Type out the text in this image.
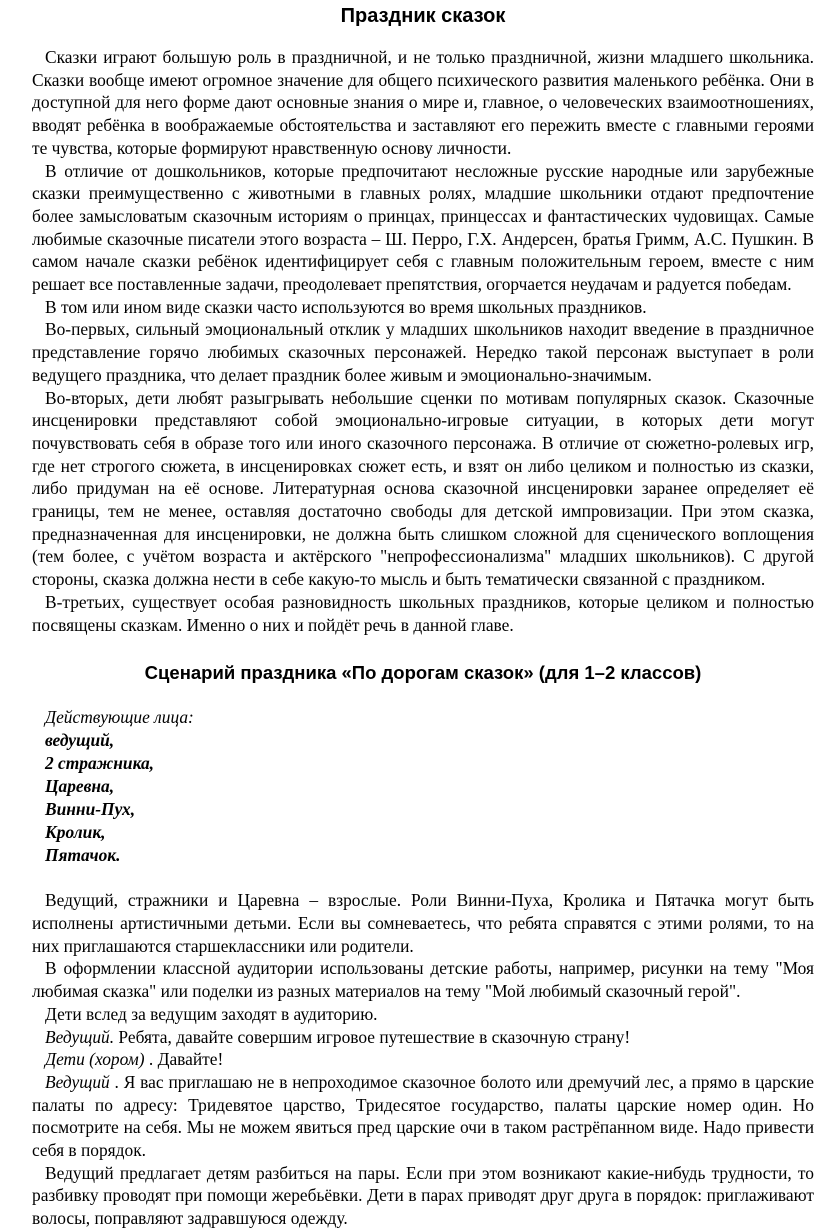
Праздник сказок

Сказки играют большую роль в праздничной, и не только праздничной, жизни младшего школьника. Сказки вообще имеют огромное значение для общего психического развития маленького ребёнка. Они в доступной для него форме дают основные знания о мире и, главное, о человеческих взаимоотношениях, вводят ребёнка в воображаемые обстоятельства и заставляют его пережить вместе с главными героями те чувства, которые формируют нравственную основу личности.

В отличие от дошкольников, которые предпочитают несложные русские народные или зарубежные сказки преимущественно с животными в главных ролях, младшие школьники отдают предпочтение более замысловатым сказочным историям о принцах, принцессах и фантастических чудовищах. Самые любимые сказочные писатели этого возраста – Ш. Перро, Г.Х. Андерсен, братья Гримм, А.С. Пушкин. В самом начале сказки ребёнок идентифицирует себя с главным положительным героем, вместе с ним решает все поставленные задачи, преодолевает препятствия, огорчается неудачам и радуется победам.

В том или ином виде сказки часто используются во время школьных праздников.

Во-первых, сильный эмоциональный отклик у младших школьников находит введение в праздничное представление горячо любимых сказочных персонажей. Нередко такой персонаж выступает в роли ведущего праздника, что делает праздник более живым и эмоционально-значимым.

Во-вторых, дети любят разыгрывать небольшие сценки по мотивам популярных сказок. Сказочные инсценировки представляют собой эмоционально-игровые ситуации, в которых дети могут почувствовать себя в образе того или иного сказочного персонажа. В отличие от сюжетно-ролевых игр, где нет строгого сюжета, в инсценировках сюжет есть, и взят он либо целиком и полностью из сказки, либо придуман на её основе. Литературная основа сказочной инсценировки заранее определяет её границы, тем не менее, оставляя достаточно свободы для детской импровизации. При этом сказка, предназначенная для инсценировки, не должна быть слишком сложной для сценического воплощения (тем более, с учётом возраста и актёрского "непрофессионализма" младших школьников). С другой стороны, сказка должна нести в себе какую-то мысль и быть тематически связанной с праздником.

В-третьих, существует особая разновидность школьных праздников, которые целиком и полностью посвящены сказкам. Именно о них и пойдёт речь в данной главе.

Сценарий праздника «По дорогам сказок» (для 1–2 классов)
Действующие лица:
ведущий,
2 стражника,
Царевна,
Винни-Пух,
Кролик,
Пятачок.

Ведущий, стражники и Царевна – взрослые. Роли Винни-Пуха, Кролика и Пятачка могут быть исполнены артистичными детьми. Если вы сомневаетесь, что ребята справятся с этими ролями, то на них приглашаются старшеклассники или родители.

В оформлении классной аудитории использованы детские работы, например, рисунки на тему "Моя любимая сказка" или поделки из разных материалов на тему "Мой любимый сказочный герой".

Дети вслед за ведущим заходят в аудиторию.

Ведущий. Ребята, давайте совершим игровое путешествие в сказочную страну!

Дети (хором) . Давайте!

Ведущий . Я вас приглашаю не в непроходимое сказочное болото или дремучий лес, а прямо в царские палаты по адресу: Тридевятое царство, Тридесятое государство, палаты царские номер один. Но посмотрите на себя. Мы не можем явиться пред царские очи в таком растрёпанном виде. Надо привести себя в порядок.

Ведущий предлагает детям разбиться на пары. Если при этом возникают какие-нибудь трудности, то разбивку проводят при помощи жеребьёвки. Дети в парах приводят друг друга в порядок: приглаживают волосы, поправляют задравшуюся одежду.
